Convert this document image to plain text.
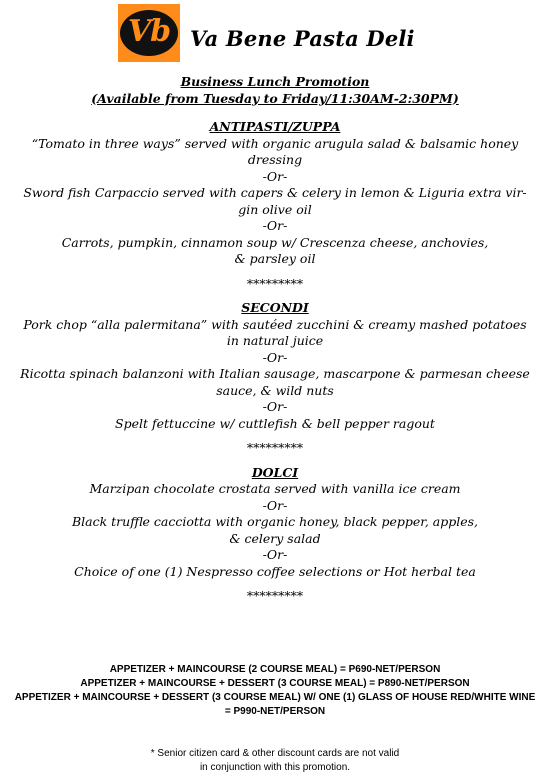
Vb Va Bene Pasta Deli
Business Lunch Promotion
(Available from Tuesday to Friday/11:30AM-2:30PM)
ANTIPASTI/ZUPPA
“Tomato in three ways” served with organic arugula salad & balsamic honey
dressing
-Or-
Sword fish Carpaccio served with capers & celery in lemon & Liguria extra vir-
gin olive oil
-Or-
Carrots, pumpkin, cinnamon soup w/ Crescenza cheese, anchovies,
& parsley oil
*********
SECONDI
Pork chop “alla palermitana” with sautéed zucchini & creamy mashed potatoes
in natural juice
-Or-
Ricotta spinach balanzoni with Italian sausage, mascarpone & parmesan cheese
sauce, & wild nuts
-Or-
Spelt fettuccine w/ cuttlefish & bell pepper ragout
*********
DOLCI
Marzipan chocolate crostata served with vanilla ice cream
-Or-
Black truffle cacciotta with organic honey, black pepper, apples,
& celery salad
-Or-
Choice of one (1) Nespresso coffee selections or Hot herbal tea
*********
APPETIZER + MAINCOURSE (2 COURSE MEAL) = P690-NET/PERSON
APPETIZER + MAINCOURSE + DESSERT (3 COURSE MEAL) = P890-NET/PERSON
APPETIZER + MAINCOURSE + DESSERT (3 COURSE MEAL) W/ ONE (1) GLASS OF HOUSE RED/WHITE WINE
= P990-NET/PERSON
* Senior citizen card & other discount cards are not valid
in conjunction with this promotion.
